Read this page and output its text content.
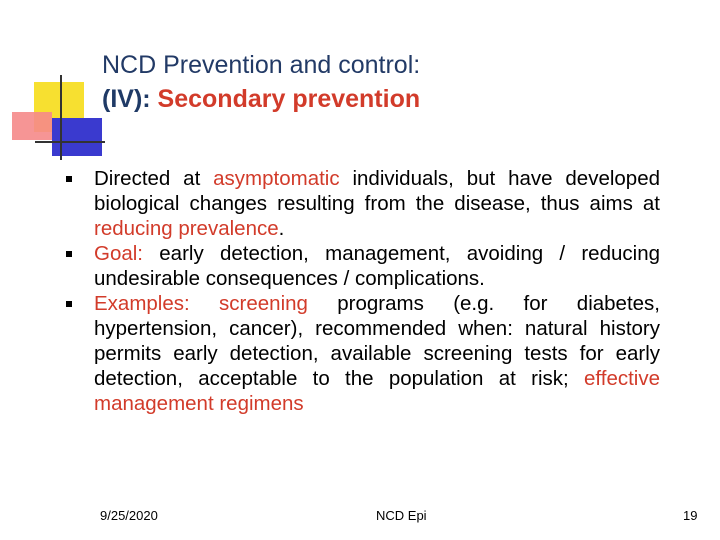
NCD Prevention and control:
(IV): Secondary prevention
Directed at asymptomatic individuals, but have developed biological changes resulting from the disease, thus aims at reducing prevalence.
Goal: early detection, management, avoiding / reducing undesirable consequences / complications.
Examples: screening programs (e.g. for diabetes, hypertension, cancer), recommended when: natural history permits early detection, available screening tests for early detection, acceptable to the population at risk; effective management regimens
9/25/2020	NCD Epi	19
